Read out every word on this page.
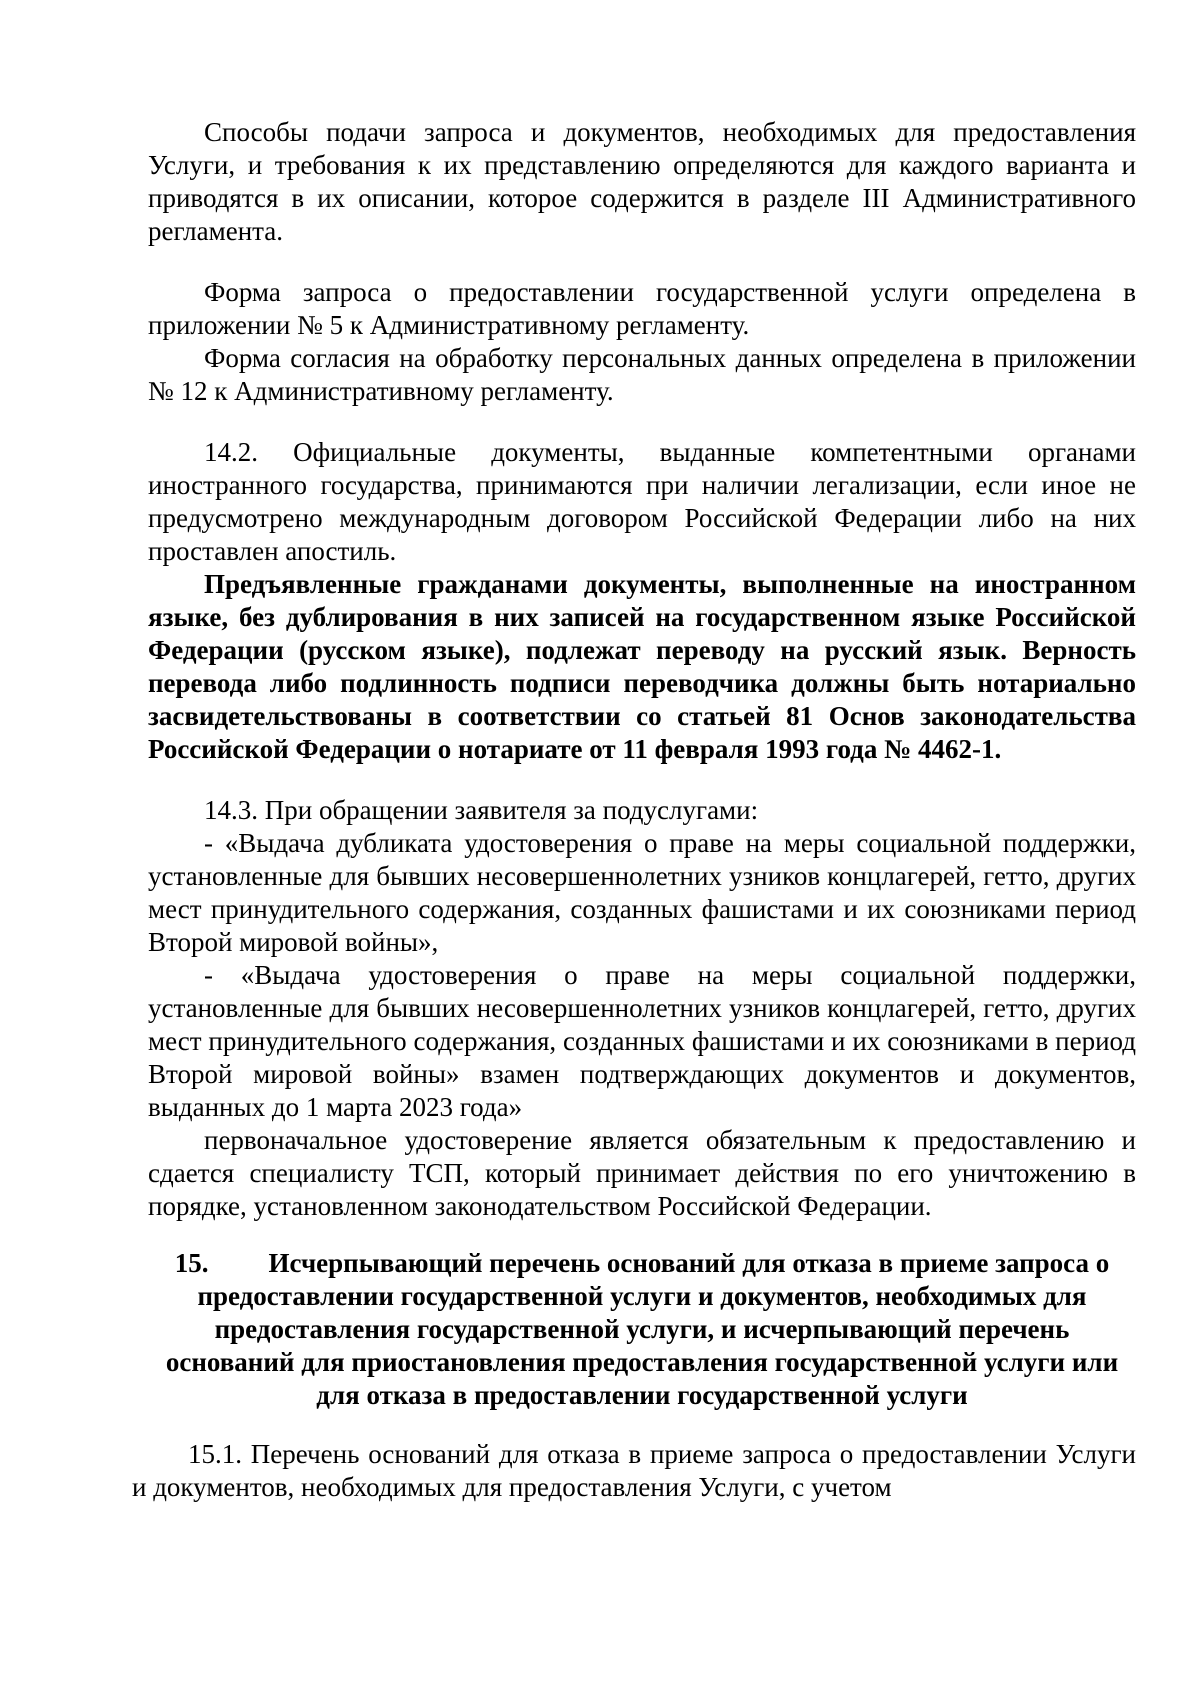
Способы подачи запроса и документов, необходимых для предоставления Услуги, и требования к их представлению определяются для каждого варианта и приводятся в их описании, которое содержится в разделе III Административного регламента.

Форма запроса о предоставлении государственной услуги определена в приложении № 5 к Административному регламенту.

Форма согласия на обработку персональных данных определена в приложении № 12 к Административному регламенту.

14.2. Официальные документы, выданные компетентными органами иностранного государства, принимаются при наличии легализации, если иное не предусмотрено международным договором Российской Федерации либо на них проставлен апостиль.

Предъявленные гражданами документы, выполненные на иностранном языке, без дублирования в них записей на государственном языке Российской Федерации (русском языке), подлежат переводу на русский язык. Верность перевода либо подлинность подписи переводчика должны быть нотариально засвидетельствованы в соответствии со статьей 81 Основ законодательства Российской Федерации о нотариате от 11 февраля 1993 года № 4462-1.

14.3. При обращении заявителя за подуслугами:

- «Выдача дубликата удостоверения о праве на меры социальной поддержки, установленные для бывших несовершеннолетних узников концлагерей, гетто, других мест принудительного содержания, созданных фашистами и их союзниками период Второй мировой войны»,

- «Выдача удостоверения о праве на меры социальной поддержки, установленные для бывших несовершеннолетних узников концлагерей, гетто, других мест принудительного содержания, созданных фашистами и их союзниками в период Второй мировой войны» взамен подтверждающих документов и документов, выданных до 1 марта 2023 года»

первоначальное удостоверение является обязательным к предоставлению и сдается специалисту ТСП, который принимает действия по его уничтожению в порядке, установленном законодательством Российской Федерации.

15. Исчерпывающий перечень оснований для отказа в приеме запроса о предоставлении государственной услуги и документов, необходимых для предоставления государственной услуги, и исчерпывающий перечень оснований для приостановления предоставления государственной услуги или для отказа в предоставлении государственной услуги

15.1. Перечень оснований для отказа в приеме запроса о предоставлении Услуги и документов, необходимых для предоставления Услуги, с учетом
